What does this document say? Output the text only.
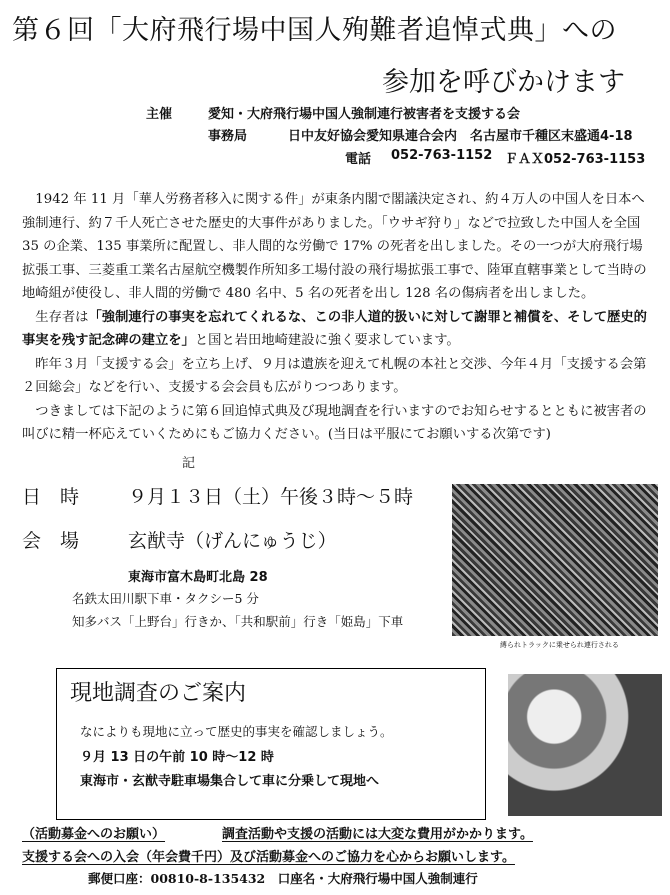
第６回「大府飛行場中国人殉難者追悼式典」への
参加を呼びかけます
主催	愛知・大府飛行場中国人強制連行被害者を支援する会
事務局	日中友好協会愛知県連合会内　名古屋市千種区末盛通4-18
電話 052-763-1152 ＦＡＸ052-763-1153

1942 年 11 月「華人労務者移入に関する件」が東条内閣で閣議決定され、約４万人の中国人を日本へ強制連行、約７千人死亡させた歴史的大事件がありました。「ウサギ狩り」などで拉致した中国人を全国 35 の企業、135 事業所に配置し、非人間的な労働で 17% の死者を出しました。その一つが大府飛行場拡張工事、三菱重工業名古屋航空機製作所知多工場付設の飛行場拡張工事で、陸軍直轄事業として当時の地崎組が使役し、非人間的労働で 480 名中、5 名の死者を出し 128 名の傷病者を出しました。

生存者は「強制連行の事実を忘れてくれるな、この非人道的扱いに対して謝罪と補償を、そして歴史的事実を残す記念碑の建立を」と国と岩田地崎建設に強く要求しています。

昨年３月「支援する会」を立ち上げ、９月は遺族を迎えて札幌の本社と交渉、今年４月「支援する会第２回総会」などを行い、支援する会会員も広がりつつあります。

つきましては下記のように第６回追悼式典及び現地調査を行いますのでお知らせするとともに被害者の叫びに精一杯応えていくためにもご協力ください。(当日は平服にてお願いする次第です)

記
日　時	９月１３日（土）午後３時～５時
会　場	玄猷寺（げんにゅうじ）
東海市富木島町北島 28
名鉄太田川駅下車・タクシー5 分
知多バス「上野台」行きか、「共和駅前」行き「姫島」下車
縛られトラックに乗せられ連行される
現地調査のご案内
なによりも現地に立って歴史的事実を確認しましょう。
９月 13 日の午前 10 時～12 時
東海市・玄猷寺駐車場集合して車に分乗して現地へ
（活動募金へのお願い）	調査活動や支援の活動には大変な費用がかかります。
支援する会への入会（年会費千円）及び活動募金へのご協力を心からお願いします。
郵便口座：00810-8-135432　口座名・大府飛行場中国人強制連行
